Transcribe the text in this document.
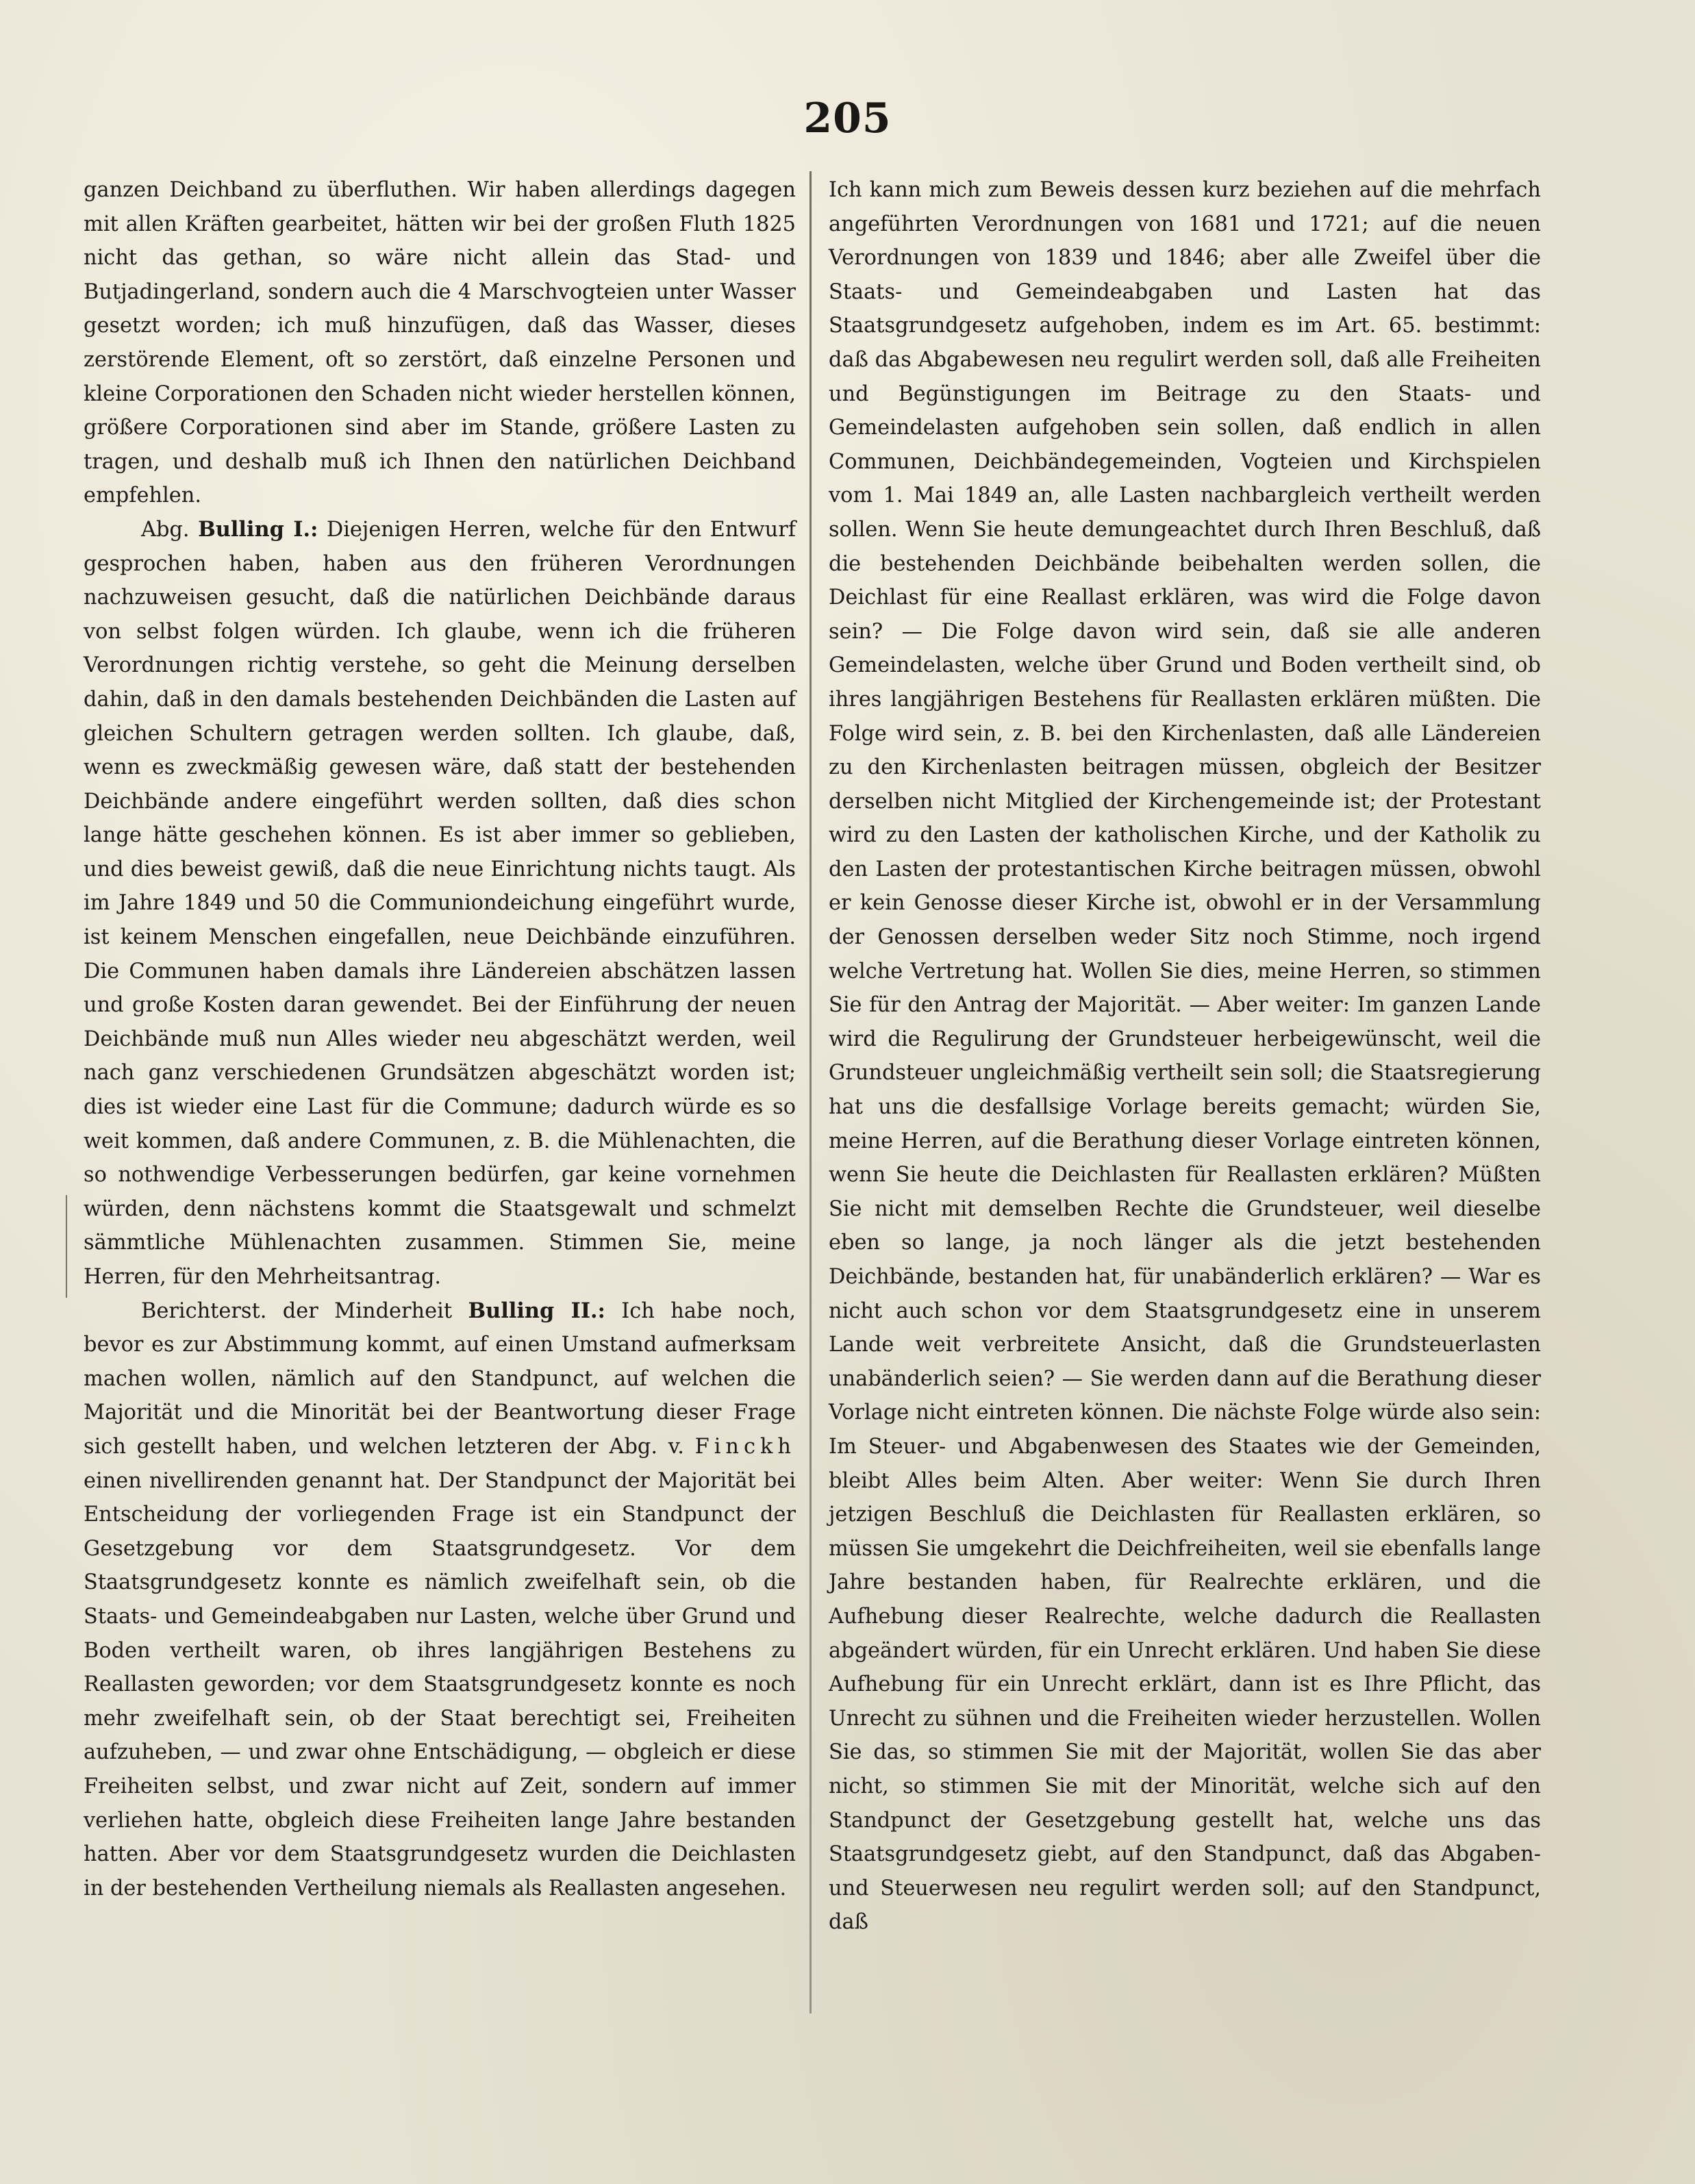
205

ganzen Deichband zu überfluthen. Wir haben allerdings dagegen mit allen Kräften gearbeitet, hätten wir bei der großen Fluth 1825 nicht das gethan, so wäre nicht allein das Stad- und Butjadingerland, sondern auch die 4 Marschvogteien unter Wasser gesetzt worden; ich muß hinzufügen, daß das Wasser, dieses zerstörende Element, oft so zerstört, daß einzelne Personen und kleine Corporationen den Schaden nicht wieder herstellen können, größere Corporationen sind aber im Stande, größere Lasten zu tragen, und deshalb muß ich Ihnen den natürlichen Deichband empfehlen.

Abg. Bulling I.: Diejenigen Herren, welche für den Entwurf gesprochen haben, haben aus den früheren Verordnungen nachzuweisen gesucht, daß die natürlichen Deichbände daraus von selbst folgen würden. Ich glaube, wenn ich die früheren Verordnungen richtig verstehe, so geht die Meinung derselben dahin, daß in den damals bestehenden Deichbänden die Lasten auf gleichen Schultern getragen werden sollten. Ich glaube, daß, wenn es zweckmäßig gewesen wäre, daß statt der bestehenden Deichbände andere eingeführt werden sollten, daß dies schon lange hätte geschehen können. Es ist aber immer so geblieben, und dies beweist gewiß, daß die neue Einrichtung nichts taugt. Als im Jahre 1849 und 50 die Communiondeichung eingeführt wurde, ist keinem Menschen eingefallen, neue Deichbände einzuführen. Die Communen haben damals ihre Ländereien abschätzen lassen und große Kosten daran gewendet. Bei der Einführung der neuen Deichbände muß nun Alles wieder neu abgeschätzt werden, weil nach ganz verschiedenen Grundsätzen abgeschätzt worden ist; dies ist wieder eine Last für die Commune; dadurch würde es so weit kommen, daß andere Communen, z. B. die Mühlenachten, die so nothwendige Verbesserungen bedürfen, gar keine vornehmen würden, denn nächstens kommt die Staatsgewalt und schmelzt sämmtliche Mühlenachten zusammen. Stimmen Sie, meine Herren, für den Mehrheitsantrag.

Berichterst. der Minderheit Bulling II.: Ich habe noch, bevor es zur Abstimmung kommt, auf einen Umstand aufmerksam machen wollen, nämlich auf den Standpunct, auf welchen die Majorität und die Minorität bei der Beantwortung dieser Frage sich gestellt haben, und welchen letzteren der Abg. v. Finckh einen nivellirenden genannt hat. Der Standpunct der Majorität bei Entscheidung der vorliegenden Frage ist ein Standpunct der Gesetzgebung vor dem Staatsgrundgesetz. Vor dem Staatsgrundgesetz konnte es nämlich zweifelhaft sein, ob die Staats- und Gemeindeabgaben nur Lasten, welche über Grund und Boden vertheilt waren, ob ihres langjährigen Bestehens zu Reallasten geworden; vor dem Staatsgrundgesetz konnte es noch mehr zweifelhaft sein, ob der Staat berechtigt sei, Freiheiten aufzuheben, — und zwar ohne Entschädigung, — obgleich er diese Freiheiten selbst, und zwar nicht auf Zeit, sondern auf immer verliehen hatte, obgleich diese Freiheiten lange Jahre bestanden hatten. Aber vor dem Staatsgrundgesetz wurden die Deichlasten in der bestehenden Vertheilung niemals als Reallasten angesehen.

Ich kann mich zum Beweis dessen kurz beziehen auf die mehrfach angeführten Verordnungen von 1681 und 1721; auf die neuen Verordnungen von 1839 und 1846; aber alle Zweifel über die Staats- und Gemeindeabgaben und Lasten hat das Staatsgrundgesetz aufgehoben, indem es im Art. 65. bestimmt: daß das Abgabewesen neu regulirt werden soll, daß alle Freiheiten und Begünstigungen im Beitrage zu den Staats- und Gemeindelasten aufgehoben sein sollen, daß endlich in allen Communen, Deichbändegemeinden, Vogteien und Kirchspielen vom 1. Mai 1849 an, alle Lasten nachbargleich vertheilt werden sollen. Wenn Sie heute demungeachtet durch Ihren Beschluß, daß die bestehenden Deichbände beibehalten werden sollen, die Deichlast für eine Reallast erklären, was wird die Folge davon sein? — Die Folge davon wird sein, daß sie alle anderen Gemeindelasten, welche über Grund und Boden vertheilt sind, ob ihres langjährigen Bestehens für Reallasten erklären müßten. Die Folge wird sein, z. B. bei den Kirchenlasten, daß alle Ländereien zu den Kirchenlasten beitragen müssen, obgleich der Besitzer derselben nicht Mitglied der Kirchengemeinde ist; der Protestant wird zu den Lasten der katholischen Kirche, und der Katholik zu den Lasten der protestantischen Kirche beitragen müssen, obwohl er kein Genosse dieser Kirche ist, obwohl er in der Versammlung der Genossen derselben weder Sitz noch Stimme, noch irgend welche Vertretung hat. Wollen Sie dies, meine Herren, so stimmen Sie für den Antrag der Majorität. — Aber weiter: Im ganzen Lande wird die Regulirung der Grundsteuer herbeigewünscht, weil die Grundsteuer ungleichmäßig vertheilt sein soll; die Staatsregierung hat uns die desfallsige Vorlage bereits gemacht; würden Sie, meine Herren, auf die Berathung dieser Vorlage eintreten können, wenn Sie heute die Deichlasten für Reallasten erklären? Müßten Sie nicht mit demselben Rechte die Grundsteuer, weil dieselbe eben so lange, ja noch länger als die jetzt bestehenden Deichbände, bestanden hat, für unabänderlich erklären? — War es nicht auch schon vor dem Staatsgrundgesetz eine in unserem Lande weit verbreitete Ansicht, daß die Grundsteuerlasten unabänderlich seien? — Sie werden dann auf die Berathung dieser Vorlage nicht eintreten können. Die nächste Folge würde also sein: Im Steuer- und Abgabenwesen des Staates wie der Gemeinden, bleibt Alles beim Alten. Aber weiter: Wenn Sie durch Ihren jetzigen Beschluß die Deichlasten für Reallasten erklären, so müssen Sie umgekehrt die Deichfreiheiten, weil sie ebenfalls lange Jahre bestanden haben, für Realrechte erklären, und die Aufhebung dieser Realrechte, welche dadurch die Reallasten abgeändert würden, für ein Unrecht erklären. Und haben Sie diese Aufhebung für ein Unrecht erklärt, dann ist es Ihre Pflicht, das Unrecht zu sühnen und die Freiheiten wieder herzustellen. Wollen Sie das, so stimmen Sie mit der Majorität, wollen Sie das aber nicht, so stimmen Sie mit der Minorität, welche sich auf den Standpunct der Gesetzgebung gestellt hat, welche uns das Staatsgrundgesetz giebt, auf den Standpunct, daß das Abgaben- und Steuerwesen neu regulirt werden soll; auf den Standpunct, daß
